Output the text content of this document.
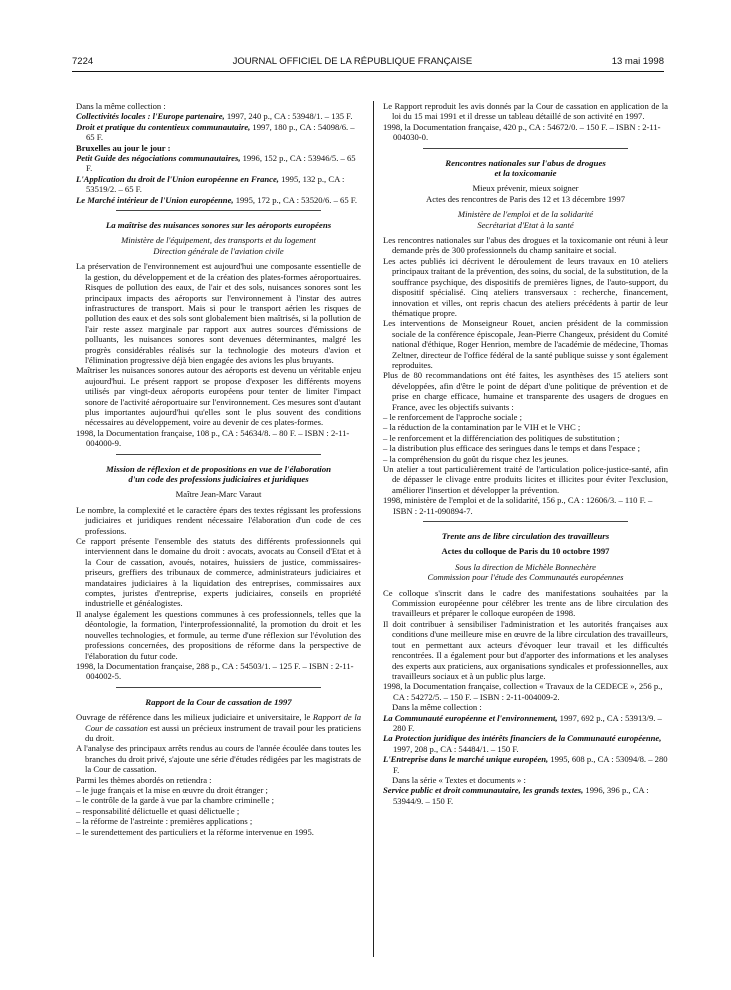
7224	JOURNAL OFFICIEL DE LA RÉPUBLIQUE FRANÇAISE	13 mai 1998

Dans la même collection :

Collectivités locales : l'Europe partenaire, 1997, 240 p., CA : 53948/1. – 135 F.

Droit et pratique du contentieux communautaire, 1997, 180 p., CA : 54098/6. – 65 F.

Bruxelles au jour le jour :

Petit Guide des négociations communautaires, 1996, 152 p., CA : 53946/5. – 65 F.

L'Application du droit de l'Union européenne en France, 1995, 132 p., CA : 53519/2. – 65 F.

Le Marché intérieur de l'Union européenne, 1995, 172 p., CA : 53520/6. – 65 F.

La maîtrise des nuisances sonores sur les aéroports européens

Ministère de l'équipement, des transports et du logement

Direction générale de l'aviation civile

La préservation de l'environnement est aujourd'hui une composante essentielle de la gestion, du développement et de la création des plates-formes aéroportuaires. Risques de pollution des eaux, de l'air et des sols, nuisances sonores sont les principaux impacts des aéroports sur l'environnement à l'instar des autres infrastructures de transport. Mais si pour le transport aérien les risques de pollution des eaux et des sols sont globalement bien maîtrisés, si la pollution de l'air reste assez marginale par rapport aux autres sources d'émissions de polluants, les nuisances sonores sont devenues déterminantes, malgré les progrès considérables réalisés sur la technologie des moteurs d'avion et l'élimination progressive déjà bien engagée des avions les plus bruyants.

Maîtriser les nuisances sonores autour des aéroports est devenu un véritable enjeu aujourd'hui. Le présent rapport se propose d'exposer les différents moyens utilisés par vingt-deux aéroports européens pour tenter de limiter l'impact sonore de l'activité aéroportuaire sur l'environnement. Ces mesures sont d'autant plus importantes aujourd'hui qu'elles sont le plus souvent des conditions nécessaires au développement, voire au devenir de ces plates-formes.

1998, la Documentation française, 108 p., CA : 54634/8. – 80 F. – ISBN : 2-11-004000-9.

Mission de réflexion et de propositions en vue de l'élaboration

d'un code des professions judiciaires et juridiques

Maître Jean-Marc Varaut

Le nombre, la complexité et le caractère épars des textes régissant les professions judiciaires et juridiques rendent nécessaire l'élaboration d'un code de ces professions.

Ce rapport présente l'ensemble des statuts des différents professionnels qui interviennent dans le domaine du droit : avocats, avocats au Conseil d'Etat et à la Cour de cassation, avoués, notaires, huissiers de justice, commissaires-priseurs, greffiers des tribunaux de commerce, administrateurs judiciaires et mandataires judiciaires à la liquidation des entreprises, commissaires aux comptes, juristes d'entreprise, experts judiciaires, conseils en propriété industrielle et généalogistes.

Il analyse également les questions communes à ces professionnels, telles que la déontologie, la formation, l'interprofessionnalité, la promotion du droit et les nouvelles technologies, et formule, au terme d'une réflexion sur l'évolution des professions concernées, des propositions de réforme dans la perspective de l'élaboration du futur code.

1998, la Documentation française, 288 p., CA : 54503/1. – 125 F. – ISBN : 2-11-004002-5.

Rapport de la Cour de cassation de 1997

Ouvrage de référence dans les milieux judiciaire et universitaire, le Rapport de la Cour de cassation est aussi un précieux instrument de travail pour les praticiens du droit.

A l'analyse des principaux arrêts rendus au cours de l'année écoulée dans toutes les branches du droit privé, s'ajoute une série d'études rédigées par les magistrats de la Cour de cassation.

Parmi les thèmes abordés on retiendra :

– le juge français et la mise en œuvre du droit étranger ;

– le contrôle de la garde à vue par la chambre criminelle ;

– responsabilité délictuelle et quasi délictuelle ;

– la réforme de l'astreinte : premières applications ;

– le surendettement des particuliers et la réforme intervenue en 1995.

Le Rapport reproduit les avis donnés par la Cour de cassation en application de la loi du 15 mai 1991 et il dresse un tableau détaillé de son activité en 1997.

1998, la Documentation française, 420 p., CA : 54672/0. – 150 F. – ISBN : 2-11-004030-0.

Rencontres nationales sur l'abus de drogues

et la toxicomanie

Mieux prévenir, mieux soigner

Actes des rencontres de Paris des 12 et 13 décembre 1997

Ministère de l'emploi et de la solidarité

Secrétariat d'Etat à la santé

Les rencontres nationales sur l'abus des drogues et la toxicomanie ont réuni à leur demande près de 300 professionnels du champ sanitaire et social.

Les actes publiés ici décrivent le déroulement de leurs travaux en 10 ateliers principaux traitant de la prévention, des soins, du social, de la substitution, de la souffrance psychique, des dispositifs de premières lignes, de l'auto-support, du dispositif spécialisé. Cinq ateliers transversaux : recherche, financement, innovation et villes, ont repris chacun des ateliers précédents à partir de leur thématique propre.

Les interventions de Monseigneur Rouet, ancien président de la commission sociale de la conférence épiscopale, Jean-Pierre Changeux, président du Comité national d'éthique, Roger Henrion, membre de l'académie de médecine, Thomas Zeltner, directeur de l'office fédéral de la santé publique suisse y sont également reproduites.

Plus de 80 recommandations ont été faites, les asynthèses des 15 ateliers sont développées, afin d'être le point de départ d'une politique de prévention et de prise en charge efficace, humaine et transparente des usagers de drogues en France, avec les objectifs suivants :

– le renforcement de l'approche sociale ;

– la réduction de la contamination par le VIH et le VHC ;

– le renforcement et la différenciation des politiques de substitution ;

– la distribution plus efficace des seringues dans le temps et dans l'espace ;

– la compréhension du goût du risque chez les jeunes.

Un atelier a tout particulièrement traité de l'articulation police-justice-santé, afin de dépasser le clivage entre produits licites et illicites pour éviter l'exclusion, améliorer l'insertion et développer la prévention.

1998, ministère de l'emploi et de la solidarité, 156 p., CA : 12606/3. – 110 F. – ISBN : 2-11-090894-7.

Trente ans de libre circulation des travailleurs

Actes du colloque de Paris du 10 octobre 1997

Sous la direction de Michèle Bonnechère

Commission pour l'étude des Communautés européennes

Ce colloque s'inscrit dans le cadre des manifestations souhaitées par la Commission européenne pour célébrer les trente ans de libre circulation des travailleurs et préparer le colloque européen de 1998.

Il doit contribuer à sensibiliser l'administration et les autorités françaises aux conditions d'une meilleure mise en œuvre de la libre circulation des travailleurs, tout en permettant aux acteurs d'évoquer leur travail et les difficultés rencontrées. Il a également pour but d'apporter des informations et les analyses des experts aux praticiens, aux organisations syndicales et professionnelles, aux travailleurs sociaux et à un public plus large.

1998, la Documentation française, collection « Travaux de la CEDECE », 256 p., CA : 54272/5. – 150 F. – ISBN : 2-11-004009-2.

Dans la même collection :

La Communauté européenne et l'environnement, 1997, 692 p., CA : 53913/9. – 280 F.

La Protection juridique des intérêts financiers de la Communauté européenne, 1997, 208 p., CA : 54484/1. – 150 F.

L'Entreprise dans le marché unique européen, 1995, 608 p., CA : 53094/8. – 280 F.

Dans la série « Textes et documents » :

Service public et droit communautaire, les grands textes, 1996, 396 p., CA : 53944/9. – 150 F.
